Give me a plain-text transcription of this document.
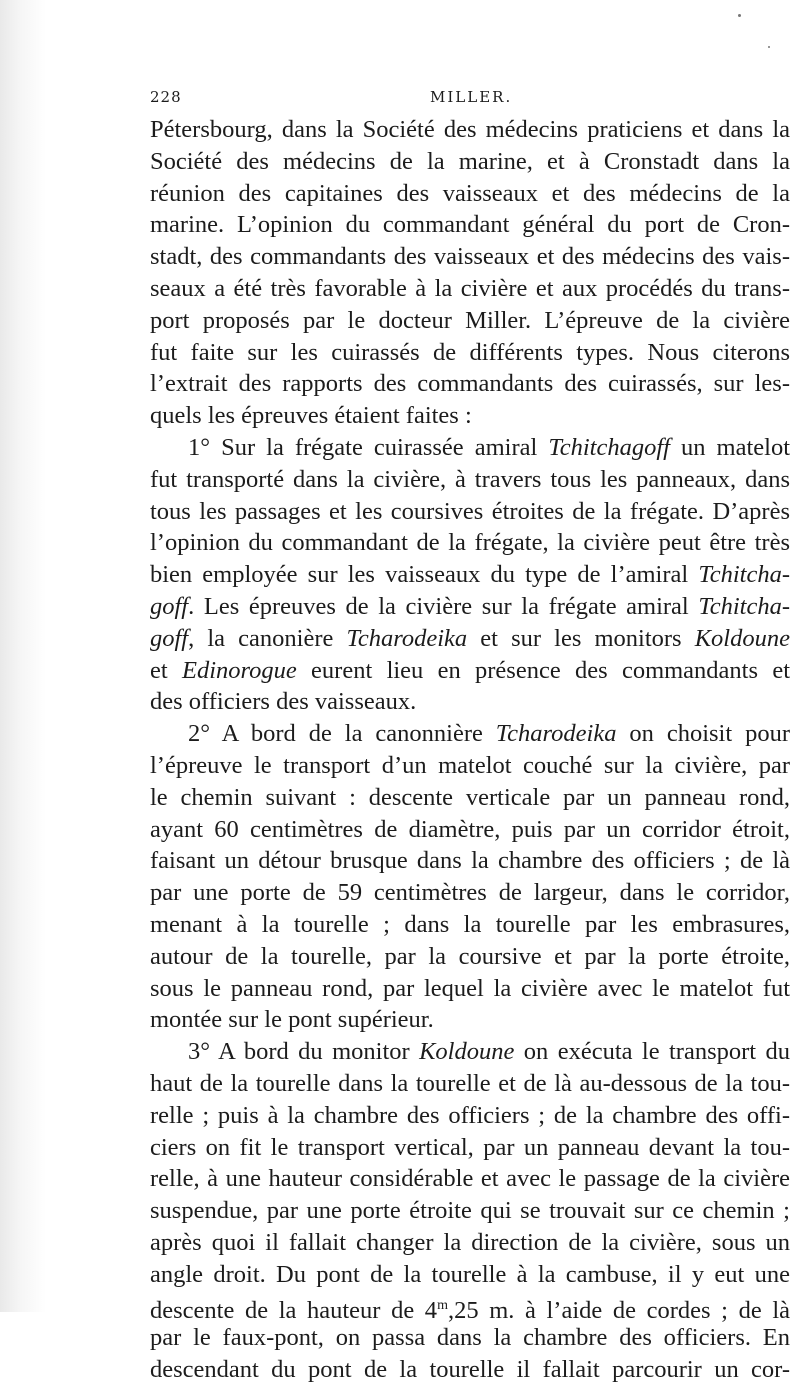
228	MILLER.
Pétersbourg, dans la Société des médecins praticiens et dans la
Société des médecins de la marine, et à Cronstadt dans la
réunion des capitaines des vaisseaux et des médecins de la
marine. L’opinion du commandant général du port de Cron-
stadt, des commandants des vaisseaux et des médecins des vais-
seaux a été très favorable à la civière et aux procédés du trans-
port proposés par le docteur Miller. L’épreuve de la civière
fut faite sur les cuirassés de différents types. Nous citerons
l’extrait des rapports des commandants des cuirassés, sur les-
quels les épreuves étaient faites :
1° Sur la frégate cuirassée amiral Tchitchagoff un matelot
fut transporté dans la civière, à travers tous les panneaux, dans
tous les passages et les coursives étroites de la frégate. D’après
l’opinion du commandant de la frégate, la civière peut être très
bien employée sur les vaisseaux du type de l’amiral Tchitcha-
goff. Les épreuves de la civière sur la frégate amiral Tchitcha-
goff, la canonière Tcharodeika et sur les monitors Koldoune
et Edinorogue eurent lieu en présence des commandants et
des officiers des vaisseaux.
2° A bord de la canonnière Tcharodeika on choisit pour
l’épreuve le transport d’un matelot couché sur la civière, par
le chemin suivant : descente verticale par un panneau rond,
ayant 60 centimètres de diamètre, puis par un corridor étroit,
faisant un détour brusque dans la chambre des officiers ; de là
par une porte de 59 centimètres de largeur, dans le corridor,
menant à la tourelle ; dans la tourelle par les embrasures,
autour de la tourelle, par la coursive et par la porte étroite,
sous le panneau rond, par lequel la civière avec le matelot fut
montée sur le pont supérieur.
3° A bord du monitor Koldoune on exécuta le transport du
haut de la tourelle dans la tourelle et de là au-dessous de la tou-
relle ; puis à la chambre des officiers ; de la chambre des offi-
ciers on fit le transport vertical, par un panneau devant la tou-
relle, à une hauteur considérable et avec le passage de la civière
suspendue, par une porte étroite qui se trouvait sur ce chemin ;
après quoi il fallait changer la direction de la civière, sous un
angle droit. Du pont de la tourelle à la cambuse, il y eut une
descente de la hauteur de 4$^m$,25 m. à l’aide de cordes ; de là
par le faux-pont, on passa dans la chambre des officiers. En
descendant du pont de la tourelle il fallait parcourir un cor-
